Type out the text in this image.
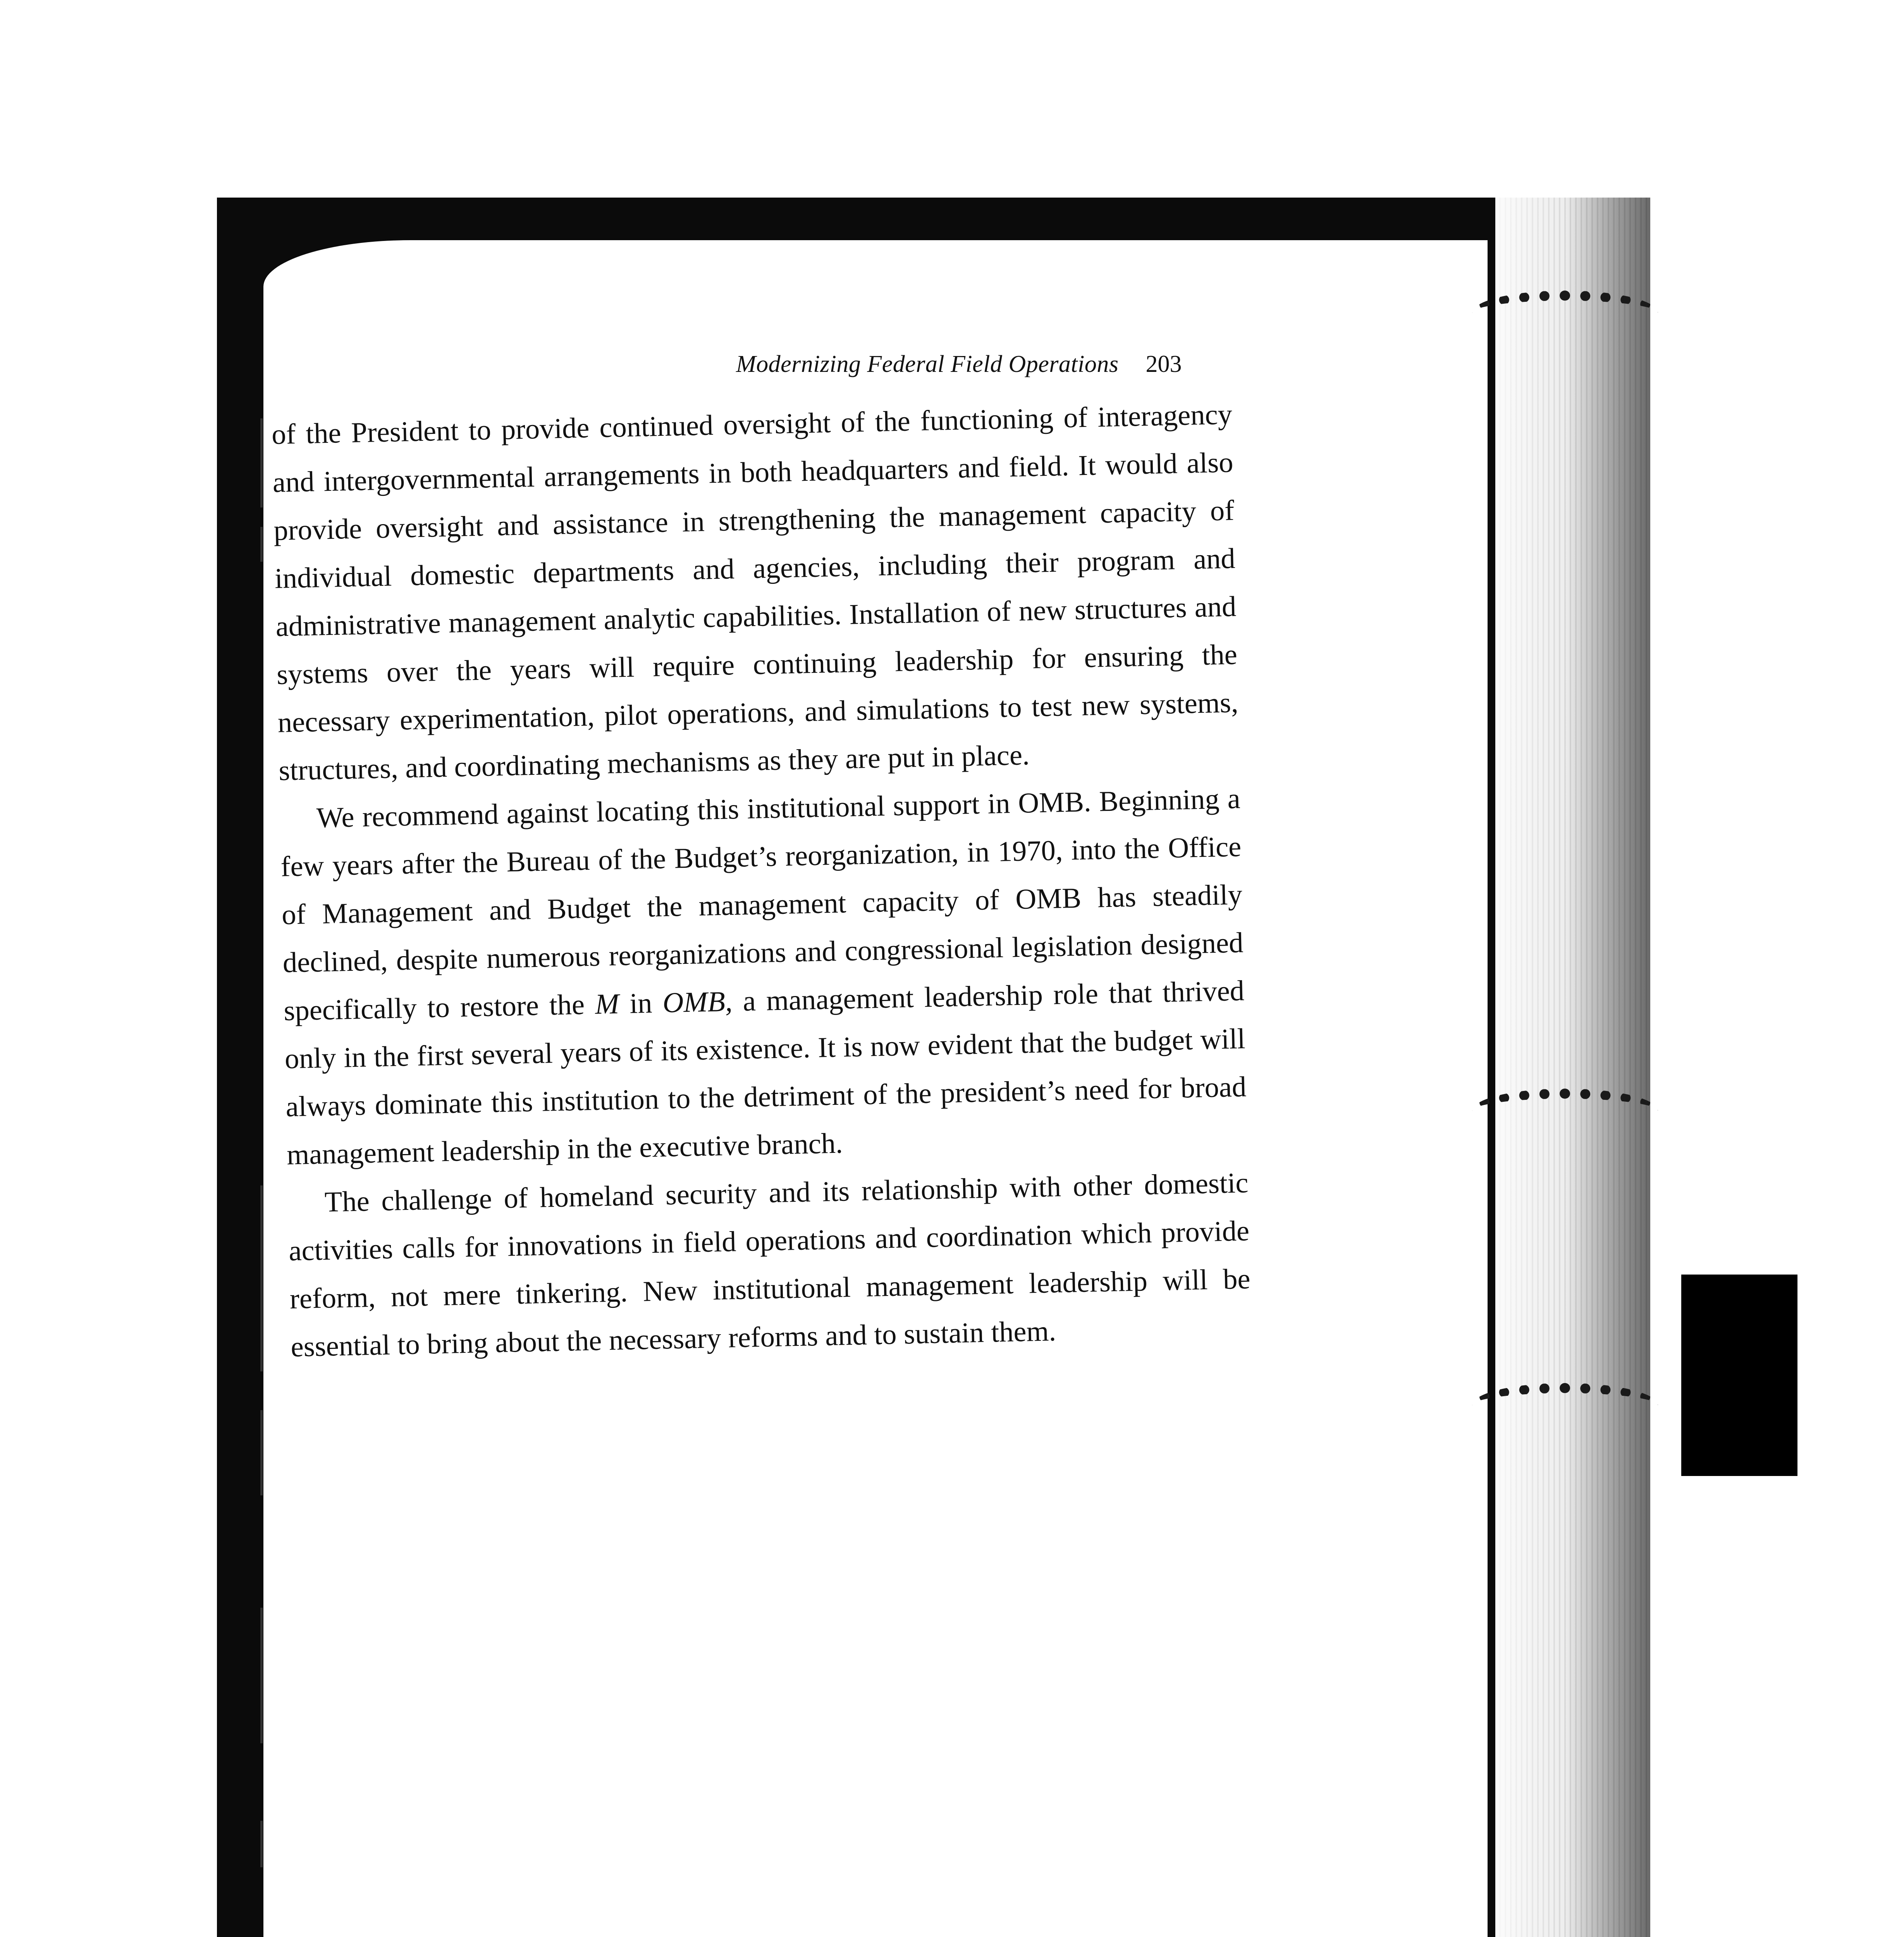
Modernizing Federal Field Operations 203

of the President to provide continued oversight of the functioning of interagency and intergovernmental arrangements in both headquarters and field. It would also provide oversight and assistance in strengthening the management capacity of individual domestic departments and agencies, including their program and administrative management analytic capabilities. Installation of new structures and systems over the years will require continuing leadership for ensuring the necessary experimentation, pilot operations, and simulations to test new systems, structures, and coordinating mechanisms as they are put in place.

We recommend against locating this institutional support in OMB. Beginning a few years after the Bureau of the Budget’s reorganization, in 1970, into the Office of Management and Budget the management capacity of OMB has steadily declined, despite numerous reorganizations and congressional legislation designed specifically to restore the M in OMB, a management leadership role that thrived only in the first several years of its existence. It is now evident that the budget will always dominate this institution to the detriment of the president’s need for broad management leadership in the executive branch.

The challenge of homeland security and its relationship with other domestic activities calls for innovations in field operations and coordination which provide reform, not mere tinkering. New institutional management leadership will be essential to bring about the necessary reforms and to sustain them.
